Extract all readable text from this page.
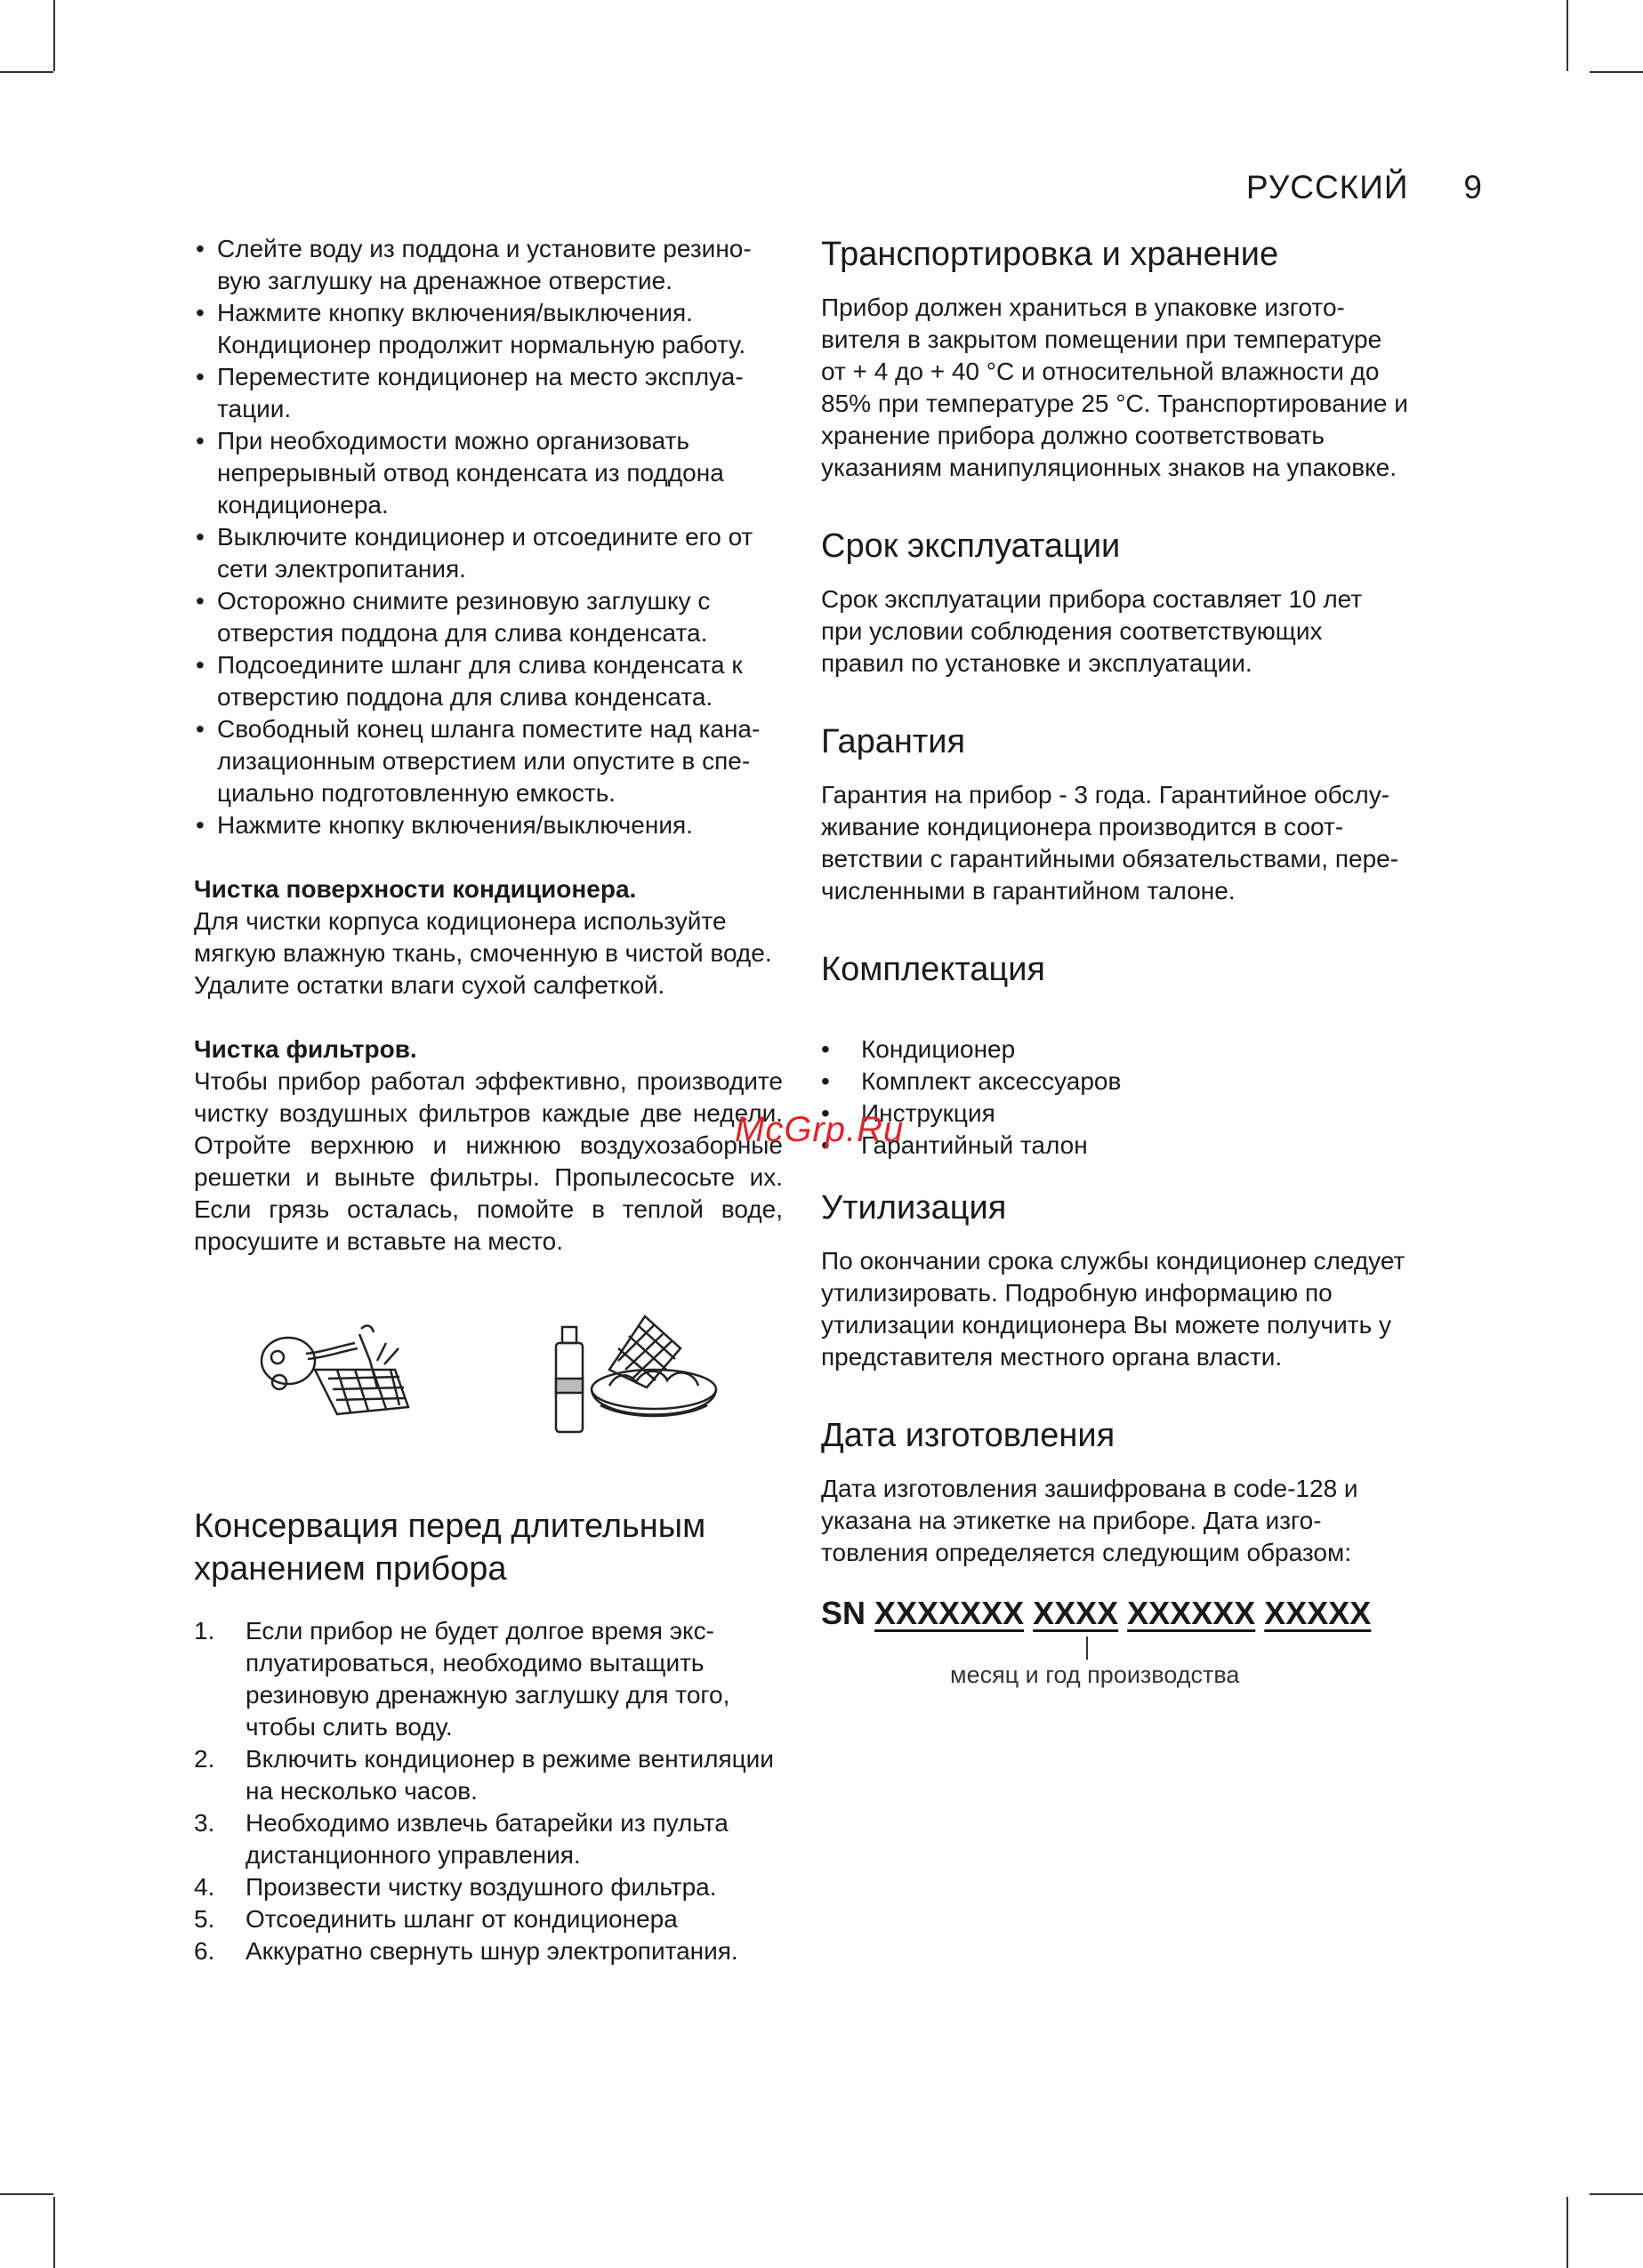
РУССКИЙ 9
• Слейте воду из поддона и установите резиновую заглушку на дренажное отверстие.
• Нажмите кнопку включения/выключения. Кондиционер продолжит нормальную работу.
• Переместите кондиционер на место эксплуатации.
• При необходимости можно организовать непрерывный отвод конденсата из поддона кондиционера.
• Выключите кондиционер и отсоедините его от сети электропитания.
• Осторожно снимите резиновую заглушку с отверстия поддона для слива конденсата.
• Подсоедините шланг для слива конденсата к отверстию поддона для слива конденсата.
• Свободный конец шланга поместите над канализационным отверстием или опустите в специально подготовленную емкость.
• Нажмите кнопку включения/выключения.

Чистка поверхности кондиционера.

Для чистки корпуса кодиционера используйте мягкую влажную ткань, смоченную в чистой воде. Удалите остатки влаги сухой салфеткой.

Чистка фильтров.

Чтобы прибор работал эффективно, производите чистку воздушных фильтров каждые две недели. Отройте верхнюю и нижнюю воздухозаборные решетки и выньте фильтры. Пропылесосьте их. Если грязь осталась, помойте в теплой воде, просушите и вставьте на место.

Консервация перед длительным хранением прибора
1.	Если прибор не будет долгое время эксплуатироваться, необходимо вытащить резиновую дренажную заглушку для того, чтобы слить воду.
2.	Включить кондиционер в режиме вентиляции на несколько часов.
3.	Необходимо извлечь батарейки из пульта дистанционного управления.
4.	Произвести чистку воздушного фильтра.
5.	Отсоединить шланг от кондиционера
6.	Аккуратно свернуть шнур электропитания.
Транспортировка и хранение

Прибор должен храниться в упаковке изготовителя в закрытом помещении при температуре от + 4 до + 40 °C и относительной влажности до 85% при температуре 25 °C. Транспортирование и хранение прибора должно соответствовать указаниям манипуляционных знаков на упаковке.

Срок эксплуатации

Срок эксплуатации прибора составляет 10 лет при условии соблюдения соответствующих правил по установке и эксплуатации.

Гарантия

Гарантия на прибор - 3 года. Гарантийное обслуживание кондиционера производится в соответствии с гарантийными обязательствами, перечисленными в гарантийном талоне.

Комплектация
• Кондиционер
• Комплект аксессуаров
• Инструкция
• Гарантийный талон
Утилизация

По окончании срока службы кондиционер следует утилизировать. Подробную информацию по утилизации кондиционера Вы можете получить у представителя местного органа власти.

Дата изготовления

Дата изготовления зашифрована в code-128 и указана на этикетке на приборе. Дата изготовления определяется следующим образом:

SN XXXXXXX XXXX XXXXXX XXXXX
месяц и год производства
McGrp.Ru
